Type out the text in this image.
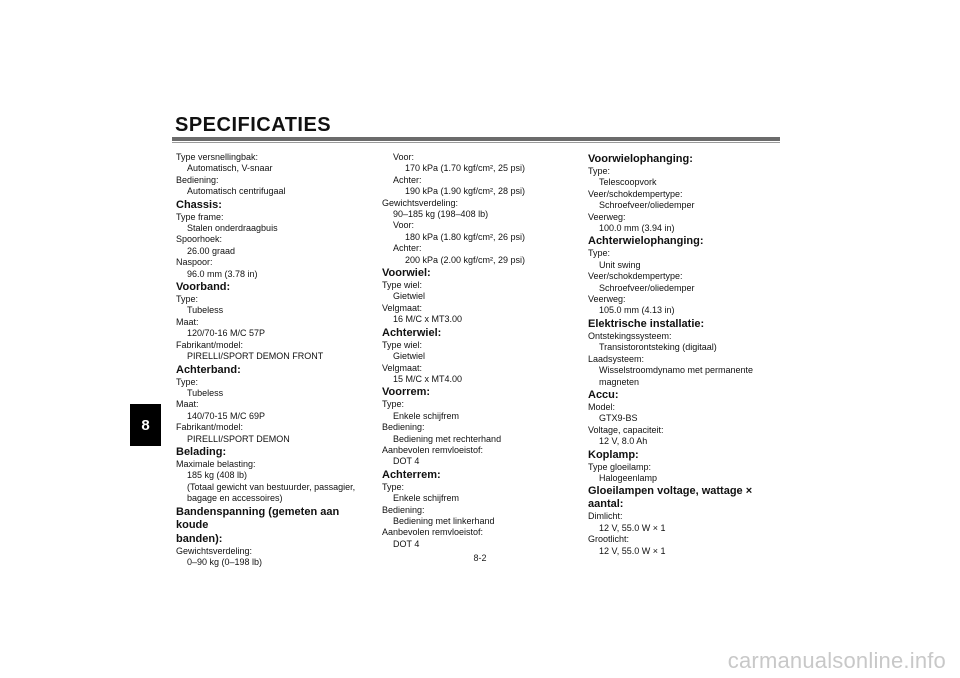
SPECIFICATIES
8
Type versnellingbak:
Automatisch, V-snaar
Bediening:
Automatisch centrifugaal
Chassis:
Type frame:
Stalen onderdraagbuis
Spoorhoek:
26.00 graad
Naspoor:
96.0 mm (3.78 in)
Voorband:
Type:
Tubeless
Maat:
120/70-16 M/C 57P
Fabrikant/model:
PIRELLI/SPORT DEMON FRONT
Achterband:
Type:
Tubeless
Maat:
140/70-15 M/C 69P
Fabrikant/model:
PIRELLI/SPORT DEMON
Belading:
Maximale belasting:
185 kg (408 lb)
(Totaal gewicht van bestuurder, passagier,
bagage en accessoires)
Bandenspanning (gemeten aan koude
banden):
Gewichtsverdeling:
0–90 kg (0–198 lb)
Voor:
170 kPa (1.70 kgf/cm², 25 psi)
Achter:
190 kPa (1.90 kgf/cm², 28 psi)
Gewichtsverdeling:
90–185 kg (198–408 lb)
Voor:
180 kPa (1.80 kgf/cm², 26 psi)
Achter:
200 kPa (2.00 kgf/cm², 29 psi)
Voorwiel:
Type wiel:
Gietwiel
Velgmaat:
16 M/C x MT3.00
Achterwiel:
Type wiel:
Gietwiel
Velgmaat:
15 M/C x MT4.00
Voorrem:
Type:
Enkele schijfrem
Bediening:
Bediening met rechterhand
Aanbevolen remvloeistof:
DOT 4
Achterrem:
Type:
Enkele schijfrem
Bediening:
Bediening met linkerhand
Aanbevolen remvloeistof:
DOT 4
Voorwielophanging:
Type:
Telescoopvork
Veer/schokdempertype:
Schroefveer/oliedemper
Veerweg:
100.0 mm (3.94 in)
Achterwielophanging:
Type:
Unit swing
Veer/schokdempertype:
Schroefveer/oliedemper
Veerweg:
105.0 mm (4.13 in)
Elektrische installatie:
Ontstekingssysteem:
Transistorontsteking (digitaal)
Laadsysteem:
Wisselstroomdynamo met permanente
magneten
Accu:
Model:
GTX9-BS
Voltage, capaciteit:
12 V, 8.0 Ah
Koplamp:
Type gloeilamp:
Halogeenlamp
Gloeilampen voltage, wattage × aantal:
Dimlicht:
12 V, 55.0 W × 1
Grootlicht:
12 V, 55.0 W × 1
8-2
carmanualsonline.info
